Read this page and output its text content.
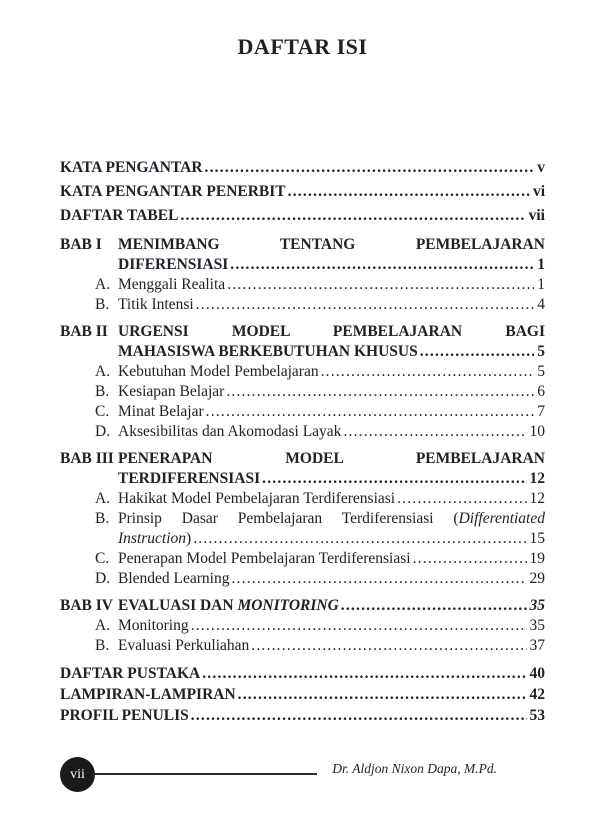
DAFTAR ISI
KATA PENGANTAR .....	v
KATA PENGANTAR PENERBIT .....	vi
DAFTAR TABEL .....	vii
BAB I	MENIMBANG TENTANG PEMBELAJARAN
DIFERENSIASI .....	1
A. Menggali Realita .....	1
B. Titik Intensi .....	4
BAB II URGENSI MODEL PEMBELAJARAN BAGI
MAHASISWA BERKEBUTUHAN KHUSUS .....	5
A. Kebutuhan Model Pembelajaran .....	5
B. Kesiapan Belajar .....	6
C. Minat Belajar .....	7
D. Aksesibilitas dan Akomodasi Layak .....	10
BAB III PENERAPAN MODEL PEMBELAJARAN
TERDIFERENSIASI .....	12
A. Hakikat Model Pembelajaran Terdiferensiasi .....	12
B. Prinsip Dasar Pembelajaran Terdiferensiasi (Differentiated
Instruction) .....	15
C. Penerapan Model Pembelajaran Terdiferensiasi .....	19
D. Blended Learning .....	29
BAB IV EVALUASI DAN MONITORING .....	35
A. Monitoring .....	35
B. Evaluasi Perkuliahan .....	37
DAFTAR PUSTAKA .....	40
LAMPIRAN-LAMPIRAN .....	42
PROFIL PENULIS .....	53
vii	Dr. Aldjon Nixon Dapa, M.Pd.
